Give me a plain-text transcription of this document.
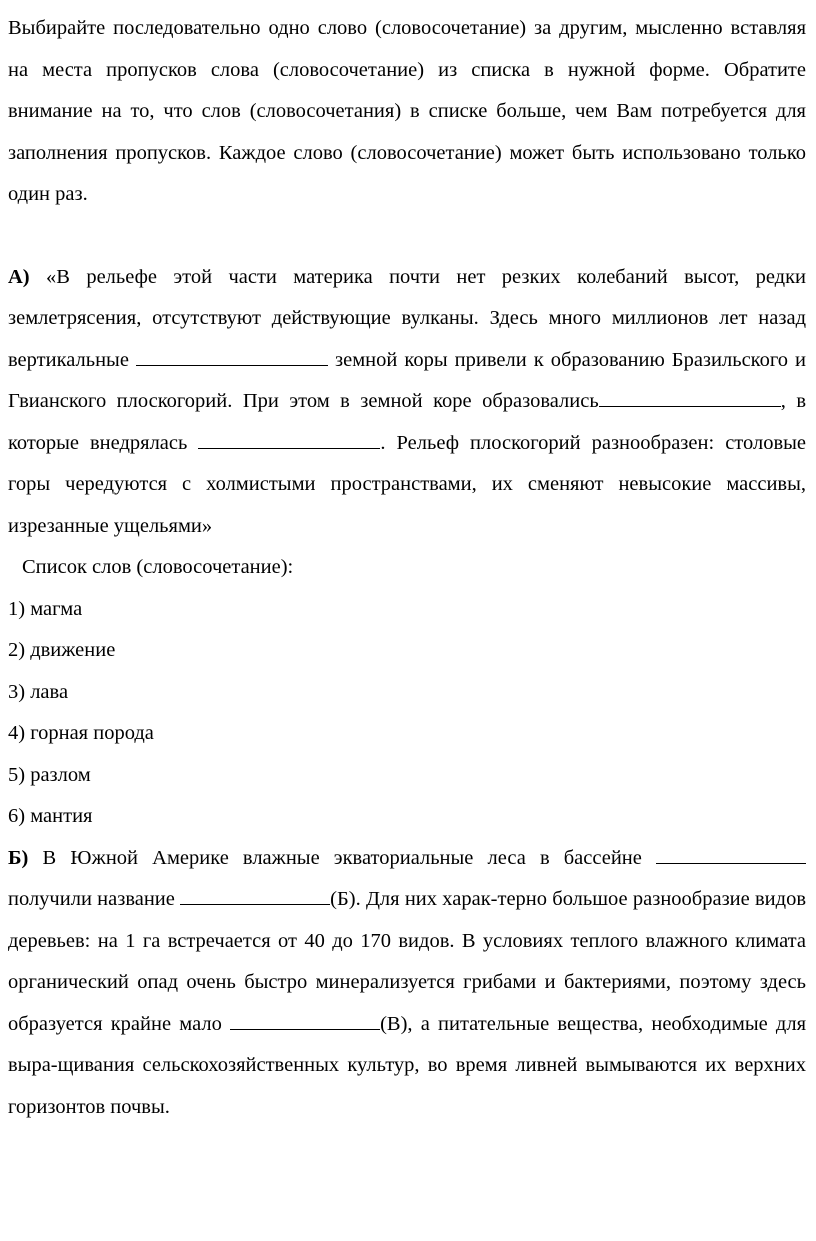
Выбирайте последовательно одно слово (словосочетание) за другим, мысленно вставляя на места пропусков слова (словосочетание) из списка в нужной форме. Обратите внимание на то, что слов (словосочетания) в списке больше, чем Вам потребуется для заполнения пропусков. Каждое слово (словосочетание) может быть использовано только один раз.

А) «В рельефе этой части материка почти нет резких колебаний высот, редки землетрясения, отсутствуют действующие вулканы. Здесь много миллионов лет назад вертикальные	земной коры привели к образованию Бразильского и Гвианского плоскогорий. При этом в земной коре образовались	, в которые внедрялась	. Рельеф плоскогорий разнообразен: столовые горы чередуются с холмистыми пространствами, их сменяют невысокие массивы, изрезанные ущельями»

Список слов (словосочетание):

1) магма

2) движение

3) лава

4) горная порода

5) разлом

6) мантия

Б) В Южной Америке влажные экваториальные леса в бассейне  получили название	(Б). Для них харак-терно большое разнообразие видов деревьев: на 1 га встречается от 40 до 170 видов. В условиях теплого влажного климата органический опад очень быстро минерализуется грибами и бактериями, поэтому здесь образуется крайне мало	(В), а питательные вещества, необходимые для выра-щивания сельскохозяйственных культур, во время ливней вымываются их верхних горизонтов почвы.
